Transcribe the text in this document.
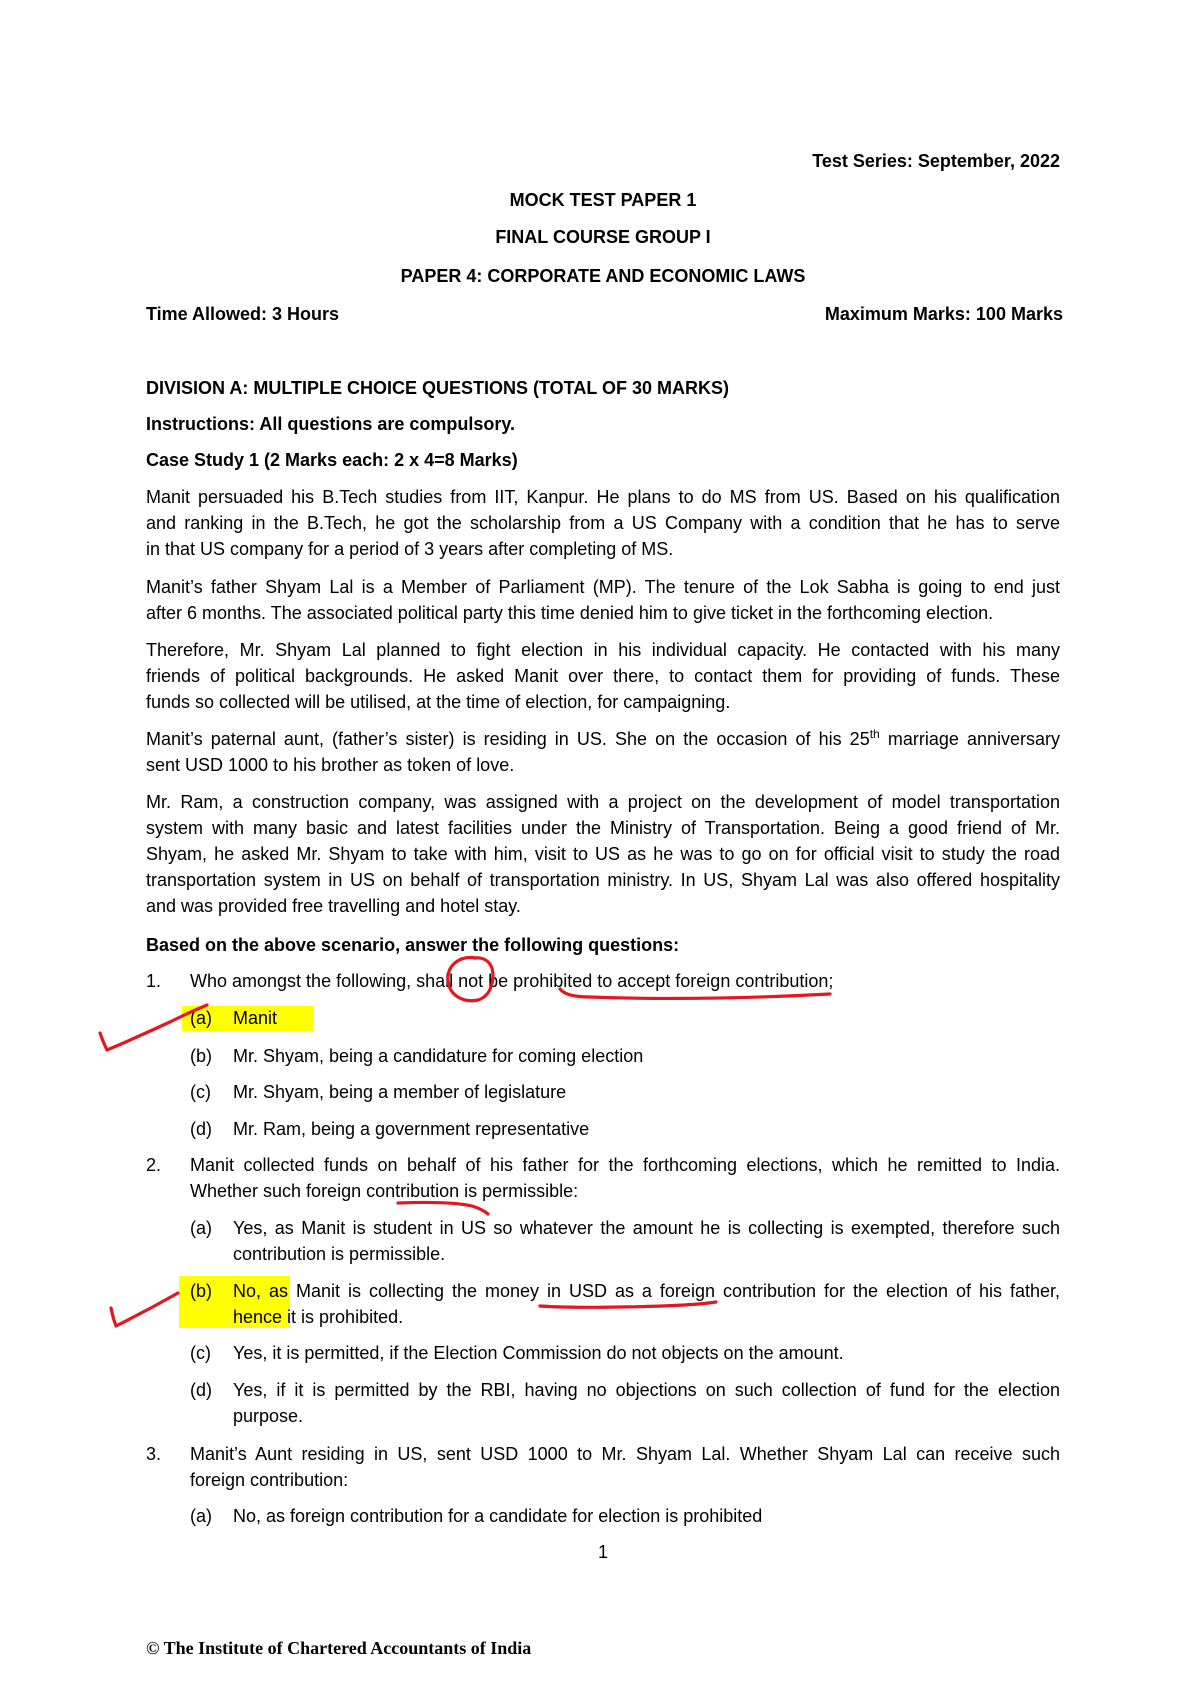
Test Series: September, 2022
MOCK TEST PAPER 1
FINAL COURSE GROUP I
PAPER 4: CORPORATE AND ECONOMIC LAWS
Time Allowed: 3 Hours	Maximum Marks: 100 Marks
DIVISION A: MULTIPLE CHOICE QUESTIONS (TOTAL OF 30 MARKS)
Instructions: All questions are compulsory.
Case Study 1 (2 Marks each: 2 x 4=8 Marks)
Manit persuaded his B.Tech studies from IIT, Kanpur. He plans to do MS from US. Based on his qualification
and ranking in the B.Tech, he got the scholarship from a US Company with a condition that he has to serve
in that US company for a period of 3 years after completing of MS.
Manit’s father Shyam Lal is a Member of Parliament (MP). The tenure of the Lok Sabha is going to end just
after 6 months. The associated political party this time denied him to give ticket in the forthcoming election.
Therefore, Mr. Shyam Lal planned to fight election in his individual capacity. He contacted with his many
friends of political backgrounds. He asked Manit over there, to contact them for providing of funds. These
funds so collected will be utilised, at the time of election, for campaigning.
Manit’s paternal aunt, (father’s sister) is residing in US. She on the occasion of his 25th marriage anniversary
sent USD 1000 to his brother as token of love.
Mr. Ram, a construction company, was assigned with a project on the development of model transportation
system with many basic and latest facilities under the Ministry of Transportation. Being a good friend of Mr.
Shyam, he asked Mr. Shyam to take with him, visit to US as he was to go on for official visit to study the road
transportation system in US on behalf of transportation ministry. In US, Shyam Lal was also offered hospitality
and was provided free travelling and hotel stay.
Based on the above scenario, answer the following questions:
1. Who amongst the following, shall not be prohibited to accept foreign contribution;
(a) Manit
(b) Mr. Shyam, being a candidature for coming election
(c) Mr. Shyam, being a member of legislature
(d) Mr. Ram, being a government representative
2. Manit collected funds on behalf of his father for the forthcoming elections, which he remitted to India.
Whether such foreign contribution is permissible:
(a) Yes, as Manit is student in US so whatever the amount he is collecting is exempted, therefore such
contribution is permissible.
(b) No, as Manit is collecting the money in USD as a foreign contribution for the election of his father,
hence it is prohibited.
(c) Yes, it is permitted, if the Election Commission do not objects on the amount.
(d) Yes, if it is permitted by the RBI, having no objections on such collection of fund for the election
purpose.
3. Manit’s Aunt residing in US, sent USD 1000 to Mr. Shyam Lal. Whether Shyam Lal can receive such
foreign contribution:
(a) No, as foreign contribution for a candidate for election is prohibited
1
© The Institute of Chartered Accountants of India
